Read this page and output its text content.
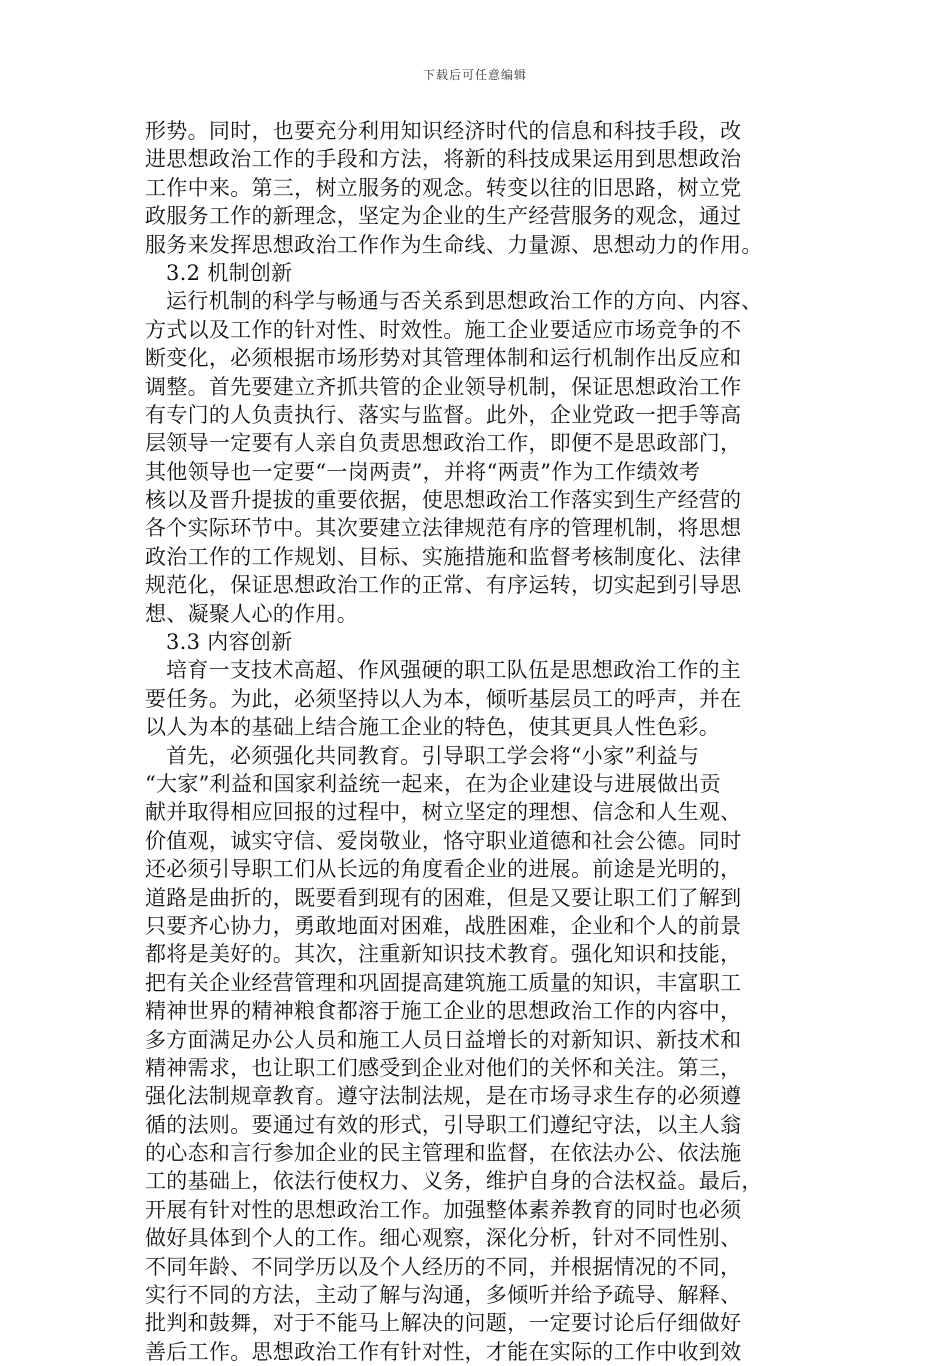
下载后可任意编辑
形势。同时，也要充分利用知识经济时代的信息和科技手段，改
进思想政治工作的手段和方法，将新的科技成果运用到思想政治
工作中来。第三，树立服务的观念。转变以往的旧思路，树立党
政服务工作的新理念，坚定为企业的生产经营服务的观念，通过
服务来发挥思想政治工作作为生命线、力量源、思想动力的作用。
3.2 机制创新
运行机制的科学与畅通与否关系到思想政治工作的方向、内容、
方式以及工作的针对性、时效性。施工企业要适应市场竞争的不
断变化，必须根据市场形势对其管理体制和运行机制作出反应和
调整。首先要建立齐抓共管的企业领导机制，保证思想政治工作
有专门的人负责执行、落实与监督。此外，企业党政一把手等高
层领导一定要有人亲自负责思想政治工作，即便不是思政部门，
其他领导也一定要“一岗两责”，并将“两责”作为工作绩效考
核以及晋升提拔的重要依据，使思想政治工作落实到生产经营的
各个实际环节中。其次要建立法律规范有序的管理机制，将思想
政治工作的工作规划、目标、实施措施和监督考核制度化、法律
规范化，保证思想政治工作的正常、有序运转，切实起到引导思
想、凝聚人心的作用。
3.3 内容创新
培育一支技术高超、作风强硬的职工队伍是思想政治工作的主
要任务。为此，必须坚持以人为本，倾听基层员工的呼声，并在
以人为本的基础上结合施工企业的特色，使其更具人性色彩。
首先，必须强化共同教育。引导职工学会将“小家”利益与
“大家”利益和国家利益统一起来，在为企业建设与进展做出贡
献并取得相应回报的过程中，树立坚定的理想、信念和人生观、
价值观，诚实守信、爱岗敬业，恪守职业道德和社会公德。同时
还必须引导职工们从长远的角度看企业的进展。前途是光明的，
道路是曲折的，既要看到现有的困难，但是又要让职工们了解到
只要齐心协力，勇敢地面对困难，战胜困难，企业和个人的前景
都将是美好的。其次，注重新知识技术教育。强化知识和技能，
把有关企业经营管理和巩固提高建筑施工质量的知识，丰富职工
精神世界的精神粮食都溶于施工企业的思想政治工作的内容中，
多方面满足办公人员和施工人员日益增长的对新知识、新技术和
精神需求，也让职工们感受到企业对他们的关怀和关注。第三，
强化法制规章教育。遵守法制法规，是在市场寻求生存的必须遵
循的法则。要通过有效的形式，引导职工们遵纪守法，以主人翁
的心态和言行参加企业的民主管理和监督，在依法办公、依法施
工的基础上，依法行使权力、义务，维护自身的合法权益。最后，
开展有针对性的思想政治工作。加强整体素养教育的同时也必须
做好具体到个人的工作。细心观察，深化分析，针对不同性别、
不同年龄、不同学历以及个人经历的不同，并根据情况的不同，
实行不同的方法，主动了解与沟通，多倾听并给予疏导、解释、
批判和鼓舞，对于不能马上解决的问题，一定要讨论后仔细做好
善后工作。思想政治工作有针对性，才能在实际的工作中收到效
